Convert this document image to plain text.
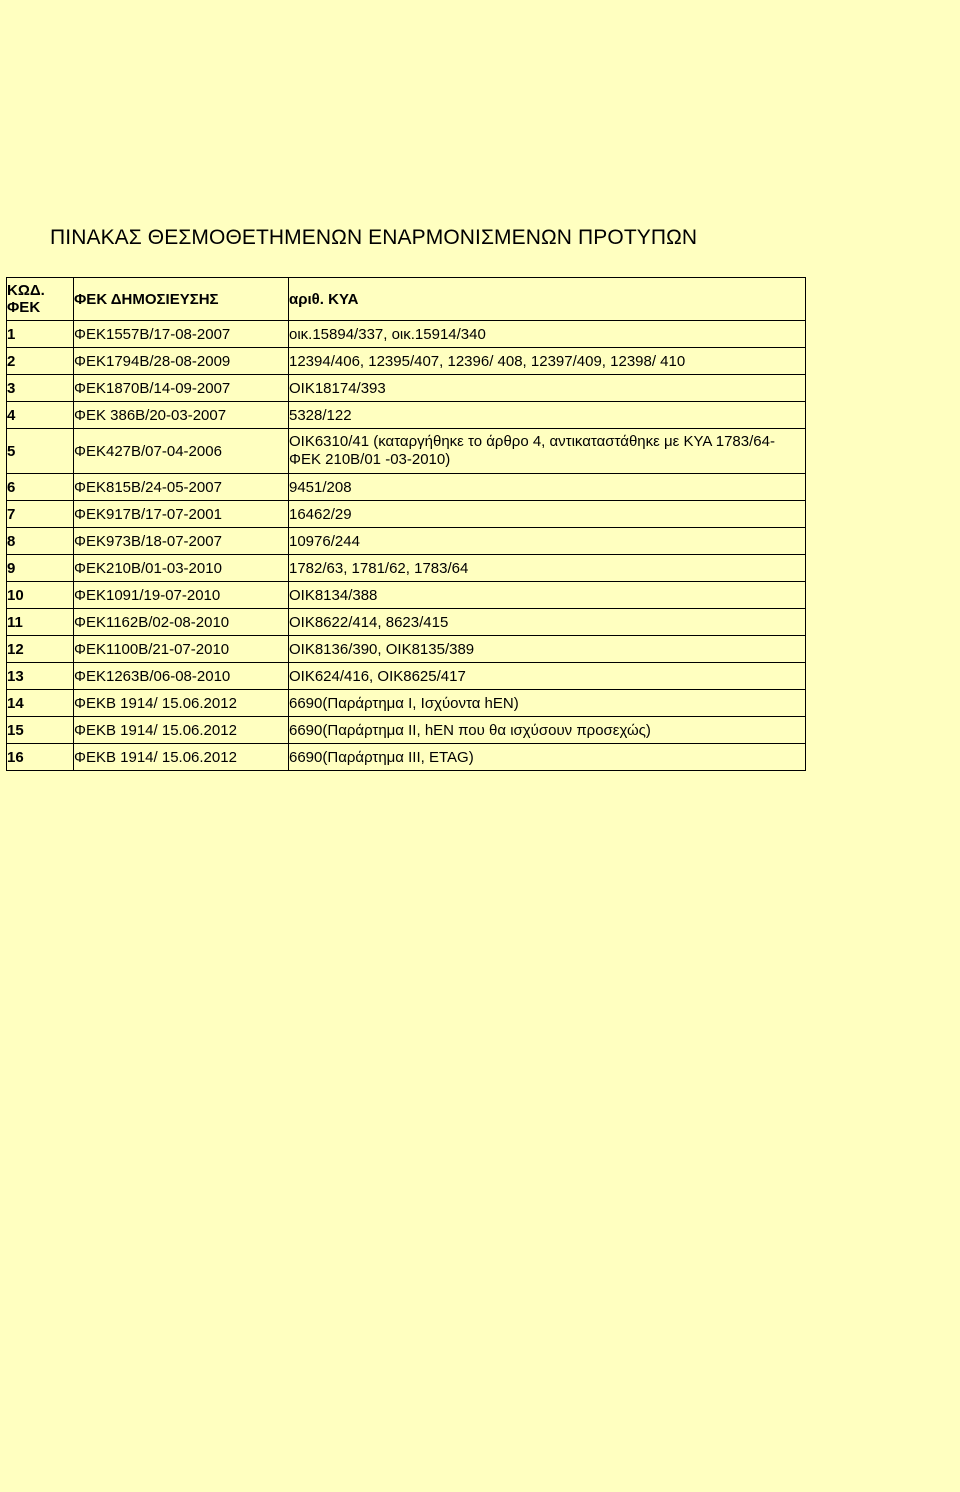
ΠΙΝΑΚΑΣ ΘΕΣΜΟΘΕΤΗΜΕΝΩΝ ΕΝΑΡΜΟΝΙΣΜΕΝΩΝ ΠΡΟΤΥΠΩΝ
ΚΩΔ.
ΦΕΚ	ΦΕΚ ΔΗΜΟΣΙΕΥΣΗΣ	αριθ. ΚΥΑ
1	ΦΕΚ1557Β/17-08-2007	οικ.15894/337, οικ.15914/340
2	ΦΕΚ1794Β/28-08-2009	12394/406, 12395/407, 12396/ 408, 12397/409, 12398/ 410
3	ΦΕΚ1870Β/14-09-2007	ΟΙΚ18174/393
4	ΦΕΚ 386Β/20-03-2007	5328/122
5	ΦΕΚ427Β/07-04-2006	ΟΙΚ6310/41 (καταργήθηκε το άρθρο 4, αντικαταστάθηκε με ΚΥΑ 1783/64-ΦΕΚ 210Β/01 -03-2010)
6	ΦΕΚ815Β/24-05-2007	9451/208
7	ΦΕΚ917Β/17-07-2001	16462/29
8	ΦΕΚ973Β/18-07-2007	10976/244
9	ΦΕΚ210Β/01-03-2010	1782/63, 1781/62, 1783/64
10	ΦΕΚ1091/19-07-2010	ΟΙΚ8134/388
11	ΦΕΚ1162Β/02-08-2010	ΟΙΚ8622/414, 8623/415
12	ΦΕΚ1100Β/21-07-2010	ΟΙΚ8136/390, ΟΙΚ8135/389
13	ΦΕΚ1263Β/06-08-2010	ΟΙΚ624/416, ΟΙΚ8625/417
14	ΦΕΚΒ 1914/ 15.06.2012	6690(Παράρτημα Ι, Ισχύοντα hEN)
15	ΦΕΚΒ 1914/ 15.06.2012	6690(Παράρτημα ΙΙ, hEN που θα ισχύσουν προσεχώς)
16	ΦΕΚΒ 1914/ 15.06.2012	6690(Παράρτημα ΙΙΙ, ETAG)
